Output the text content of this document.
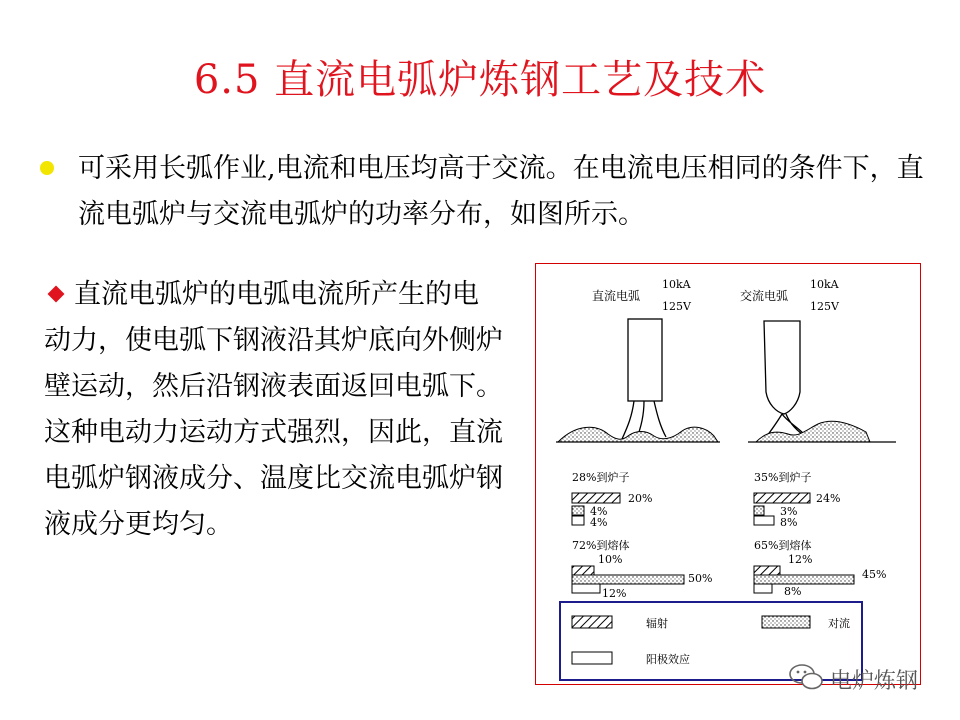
6.5 直流电弧炉炼钢工艺及技术
可采用长弧作业,电流和电压均高于交流。在电流电压相同的条件下，直流电弧炉与交流电弧炉的功率分布，如图所示。
直流电弧炉的电弧电流所产生的电动力，使电弧下钢液沿其炉底向外侧炉壁运动，然后沿钢液表面返回电弧下。这种电动力运动方式强烈，因此，直流电弧炉钢液成分、温度比交流电弧炉钢液成分更均匀。
直流电弧
10kA
125V
交流电弧
10kA
125V
28%到炉子
20%
4%
4%
72%到熔体
10%
50%
12%
35%到炉子
24%
3%
8%
65%到熔体
12%
45%
8%
辐射	对流
阳极效应
电炉炼钢
